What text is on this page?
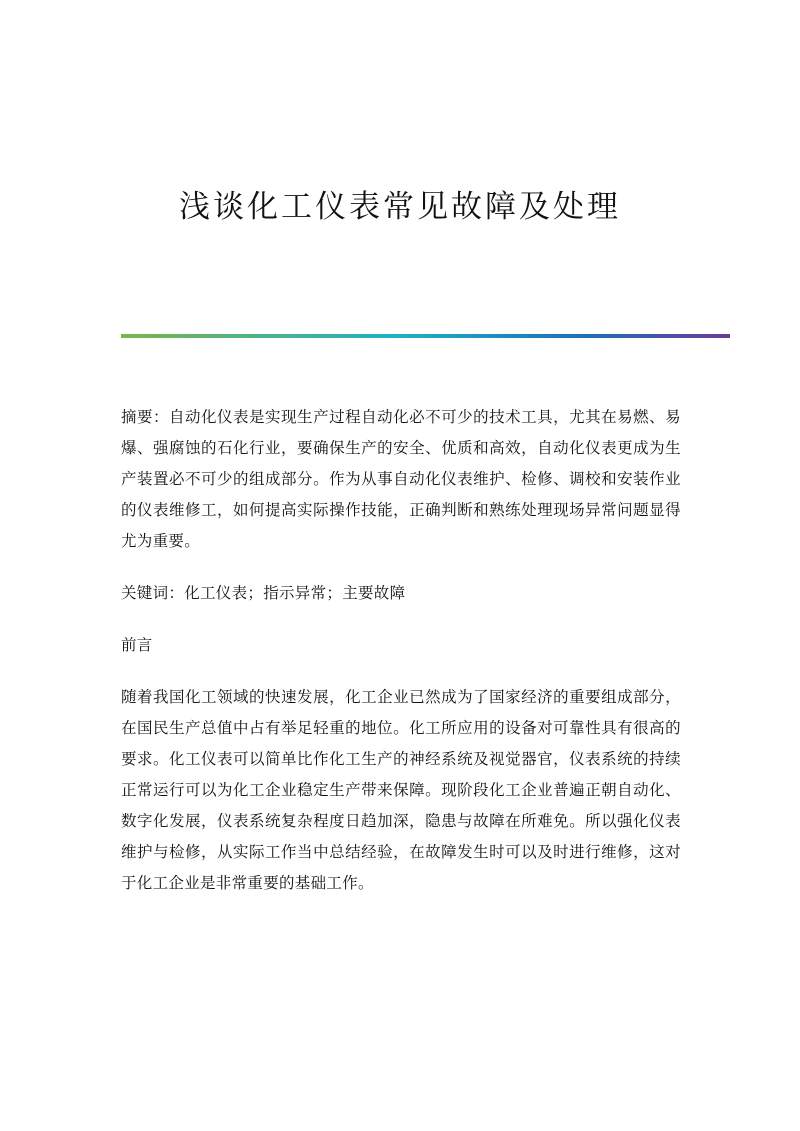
浅谈化工仪表常见故障及处理

摘要：自动化仪表是实现生产过程自动化必不可少的技术工具，尤其在易燃、易爆、强腐蚀的石化行业，要确保生产的安全、优质和高效，自动化仪表更成为生产装置必不可少的组成部分。作为从事自动化仪表维护、检修、调校和安装作业的仪表维修工，如何提高实际操作技能，正确判断和熟练处理现场异常问题显得尤为重要。

关键词：化工仪表；指示异常；主要故障

前言

随着我国化工领域的快速发展，化工企业已然成为了国家经济的重要组成部分，在国民生产总值中占有举足轻重的地位。化工所应用的设备对可靠性具有很高的要求。化工仪表可以简单比作化工生产的神经系统及视觉器官，仪表系统的持续正常运行可以为化工企业稳定生产带来保障。现阶段化工企业普遍正朝自动化、数字化发展，仪表系统复杂程度日趋加深，隐患与故障在所难免。所以强化仪表维护与检修，从实际工作当中总结经验，在故障发生时可以及时进行维修，这对于化工企业是非常重要的基础工作。
